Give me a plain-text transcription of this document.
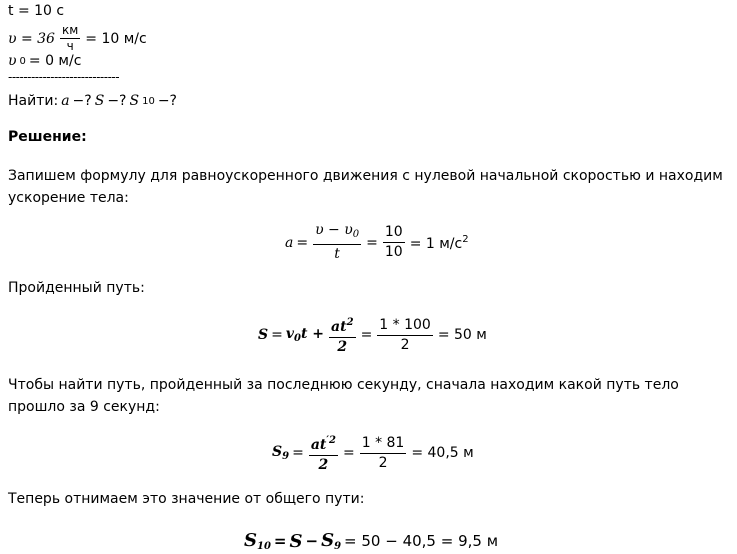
t = 10 с
$\upsilon = 36 \frac{км}{ч} = 10$ м/с
υ 0 = 0 м/с
-----------------------------
Найти: a −? S −? S 10 −?
Решение:
Запишем формулу для равноускоренного движения с нулевой начальной скоростью и находим ускорение тела:
$a = \frac{\upsilon - \upsilon_0}{t} = \frac{10}{10} = 1$ $м/с^2$
Пройденный путь:
$S = v_0t + \frac{at^2}{2} = \frac{1 * 100}{2} = 50$ м
Чтобы найти путь, пройденный за последнюю секунду, сначала находим какой путь тело прошло за 9 секунд:
$S_9 = \frac{at^{'2}}{2} = \frac{1 * 81}{2} = 40,5$ м
Теперь отнимаем это значение от общего пути:
$S_{10} = S - S_9 = 50 - 40,5 = 9,5$ м
